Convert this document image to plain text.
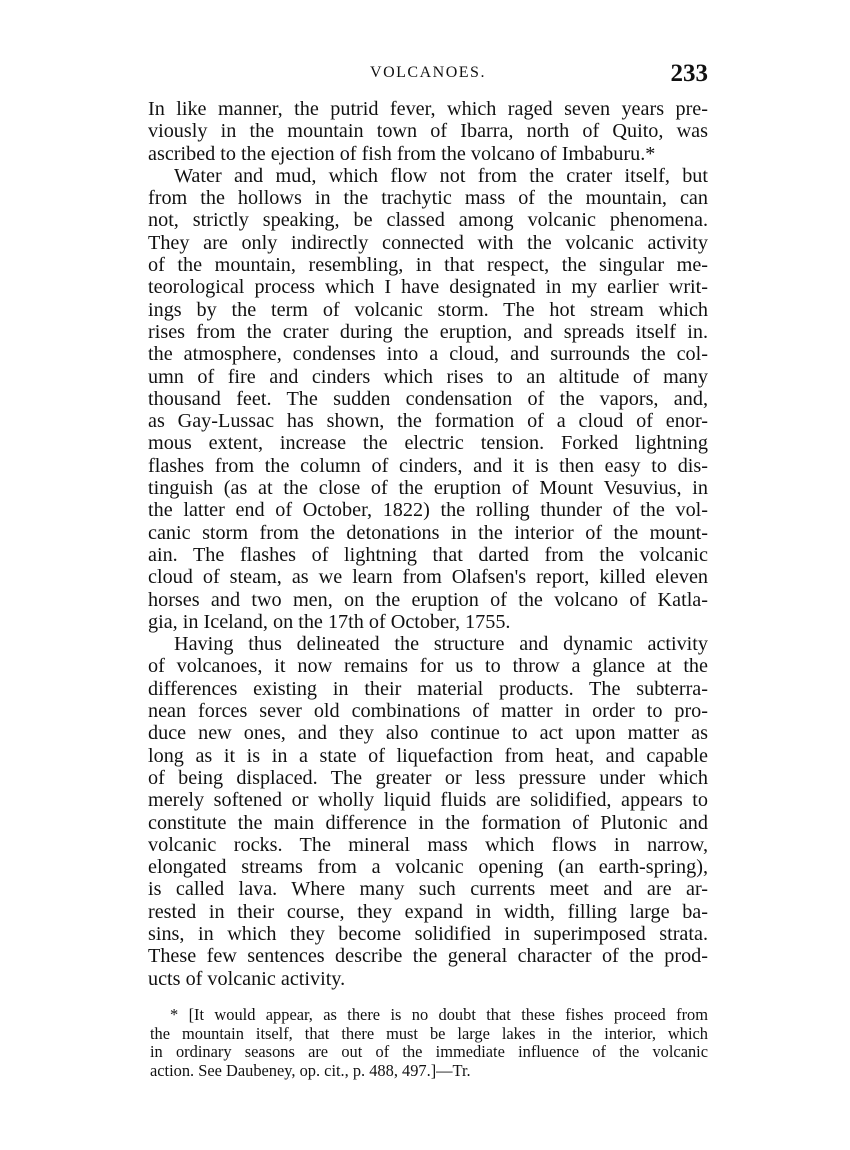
VOLCANOES.	233
In like manner, the putrid fever, which raged seven years pre-
viously in the mountain town of Ibarra, north of Quito, was
ascribed to the ejection of fish from the volcano of Imbaburu.*
Water and mud, which flow not from the crater itself, but
from the hollows in the trachytic mass of the mountain, can
not, strictly speaking, be classed among volcanic phenomena.
They are only indirectly connected with the volcanic activity
of the mountain, resembling, in that respect, the singular me-
teorological process which I have designated in my earlier writ-
ings by the term of volcanic storm. The hot stream which
rises from the crater during the eruption, and spreads itself in.
the atmosphere, condenses into a cloud, and surrounds the col-
umn of fire and cinders which rises to an altitude of many
thousand feet. The sudden condensation of the vapors, and,
as Gay-Lussac has shown, the formation of a cloud of enor-
mous extent, increase the electric tension. Forked lightning
flashes from the column of cinders, and it is then easy to dis-
tinguish (as at the close of the eruption of Mount Vesuvius, in
the latter end of October, 1822) the rolling thunder of the vol-
canic storm from the detonations in the interior of the mount-
ain. The flashes of lightning that darted from the volcanic
cloud of steam, as we learn from Olafsen's report, killed eleven
horses and two men, on the eruption of the volcano of Katla-
gia, in Iceland, on the 17th of October, 1755.
Having thus delineated the structure and dynamic activity
of volcanoes, it now remains for us to throw a glance at the
differences existing in their material products. The subterra-
nean forces sever old combinations of matter in order to pro-
duce new ones, and they also continue to act upon matter as
long as it is in a state of liquefaction from heat, and capable
of being displaced. The greater or less pressure under which
merely softened or wholly liquid fluids are solidified, appears to
constitute the main difference in the formation of Plutonic and
volcanic rocks. The mineral mass which flows in narrow,
elongated streams from a volcanic opening (an earth-spring),
is called lava. Where many such currents meet and are ar-
rested in their course, they expand in width, filling large ba-
sins, in which they become solidified in superimposed strata.
These few sentences describe the general character of the prod-
ucts of volcanic activity.
* [It would appear, as there is no doubt that these fishes proceed from
the mountain itself, that there must be large lakes in the interior, which
in ordinary seasons are out of the immediate influence of the volcanic
action. See Daubeney, op. cit., p. 488, 497.]—Tr.
